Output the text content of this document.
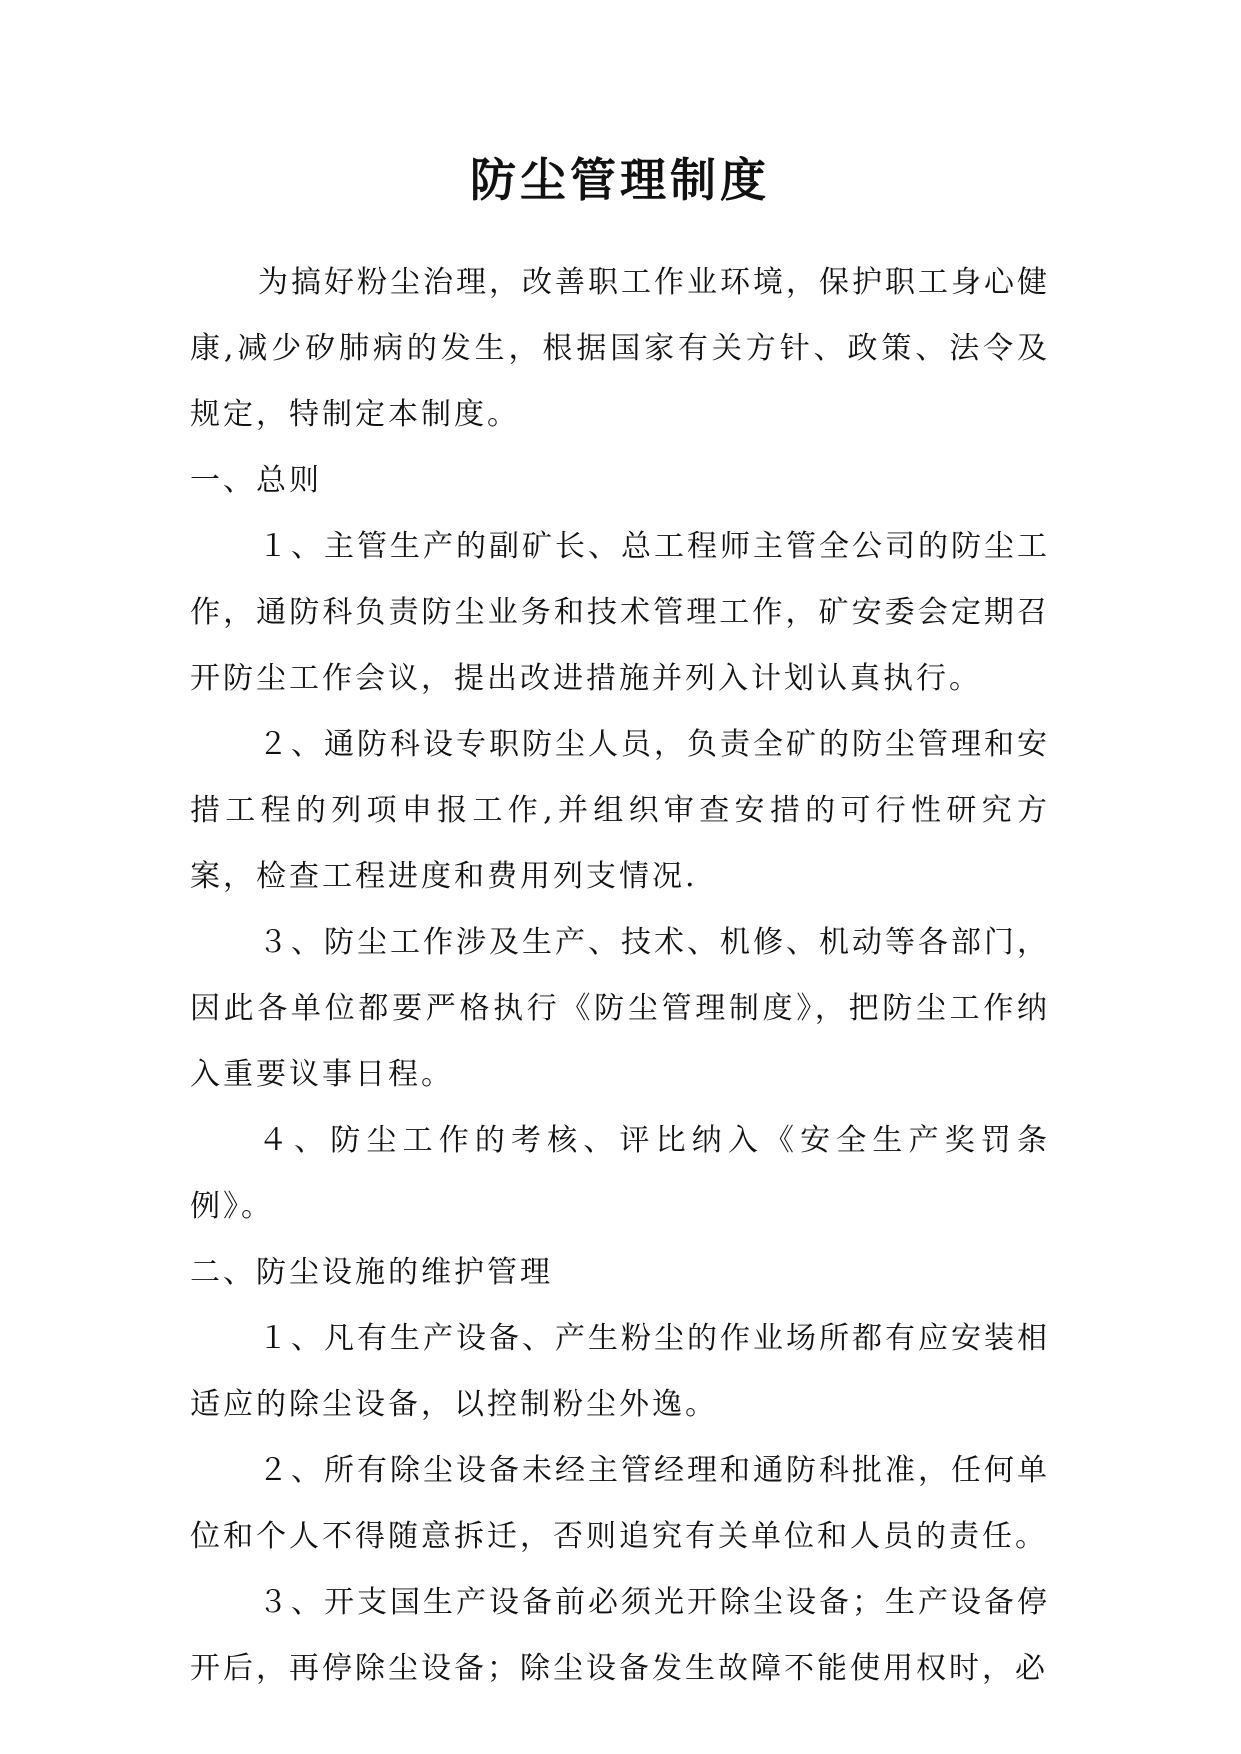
防尘管理制度

为搞好粉尘治理，改善职工作业环境，保护职工身心健康,减少矽肺病的发生，根据国家有关方针、政策、法令及规定，特制定本制度。

一、总则

１、主管生产的副矿长、总工程师主管全公司的防尘工作，通防科负责防尘业务和技术管理工作，矿安委会定期召开防尘工作会议，提出改进措施并列入计划认真执行。

２、通防科设专职防尘人员，负责全矿的防尘管理和安措工程的列项申报工作,并组织审查安措的可行性研究方案，检查工程进度和费用列支情况.

３、防尘工作涉及生产、技术、机修、机动等各部门，因此各单位都要严格执行《防尘管理制度》，把防尘工作纳入重要议事日程。

４、防尘工作的考核、评比纳入《安全生产奖罚条例》。

二、防尘设施的维护管理

１、凡有生产设备、产生粉尘的作业场所都有应安装相适应的除尘设备，以控制粉尘外逸。

２、所有除尘设备未经主管经理和通防科批准，任何单位和个人不得随意拆迁，否则追究有关单位和人员的责任。

３、开支国生产设备前必须光开除尘设备；生产设备停开后，再停除尘设备；除尘设备发生故障不能使用权时，必
